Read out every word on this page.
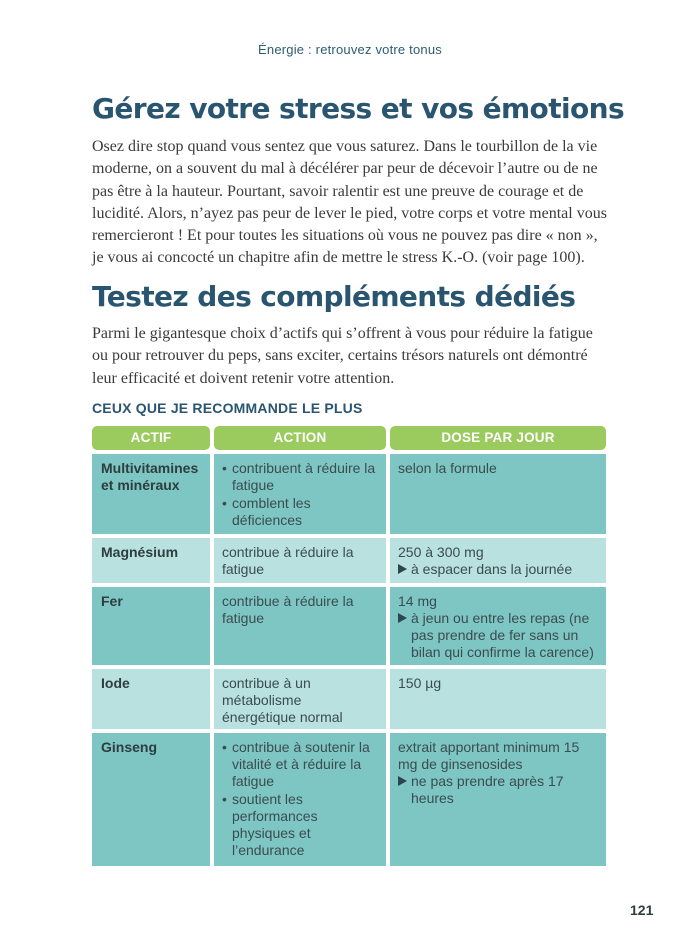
Énergie : retrouvez votre tonus
Gérez votre stress et vos émotions

Osez dire stop quand vous sentez que vous saturez. Dans le tourbillon de la vie moderne, on a souvent du mal à décélérer par peur de décevoir l’autre ou de ne pas être à la hauteur. Pourtant, savoir ralentir est une preuve de courage et de lucidité. Alors, n’ayez pas peur de lever le pied, votre corps et votre mental vous remercieront ! Et pour toutes les situations où vous ne pouvez pas dire « non », je vous ai concocté un chapitre afin de mettre le stress K.-O. (voir page 100).

Testez des compléments dédiés

Parmi le gigantesque choix d’actifs qui s’offrent à vous pour réduire la fatigue ou pour retrouver du peps, sans exciter, certains trésors naturels ont démontré leur efficacité et doivent retenir votre attention.

CEUX QUE JE RECOMMANDE LE PLUS
ACTIF	ACTION	DOSE PAR JOUR
Multivitamines et minéraux
• contribuent à réduire la fatigue
• comblent les déficiences
selon la formule
Magnésium	contribue à réduire la fatigue
250 à 300 mg
à espacer dans la journée
Fer	contribue à réduire la fatigue
14 mg
à jeun ou entre les repas (ne pas prendre de fer sans un bilan qui confirme la carence)
Iode	contribue à un métabolisme énergétique normal
150 µg
Ginseng
•	contribue à soutenir la vitalité et à réduire la fatigue
• soutient les performances physiques et l’endurance
extrait apportant minimum 15 mg de ginsenosides
ne pas prendre après 17 heures
121
